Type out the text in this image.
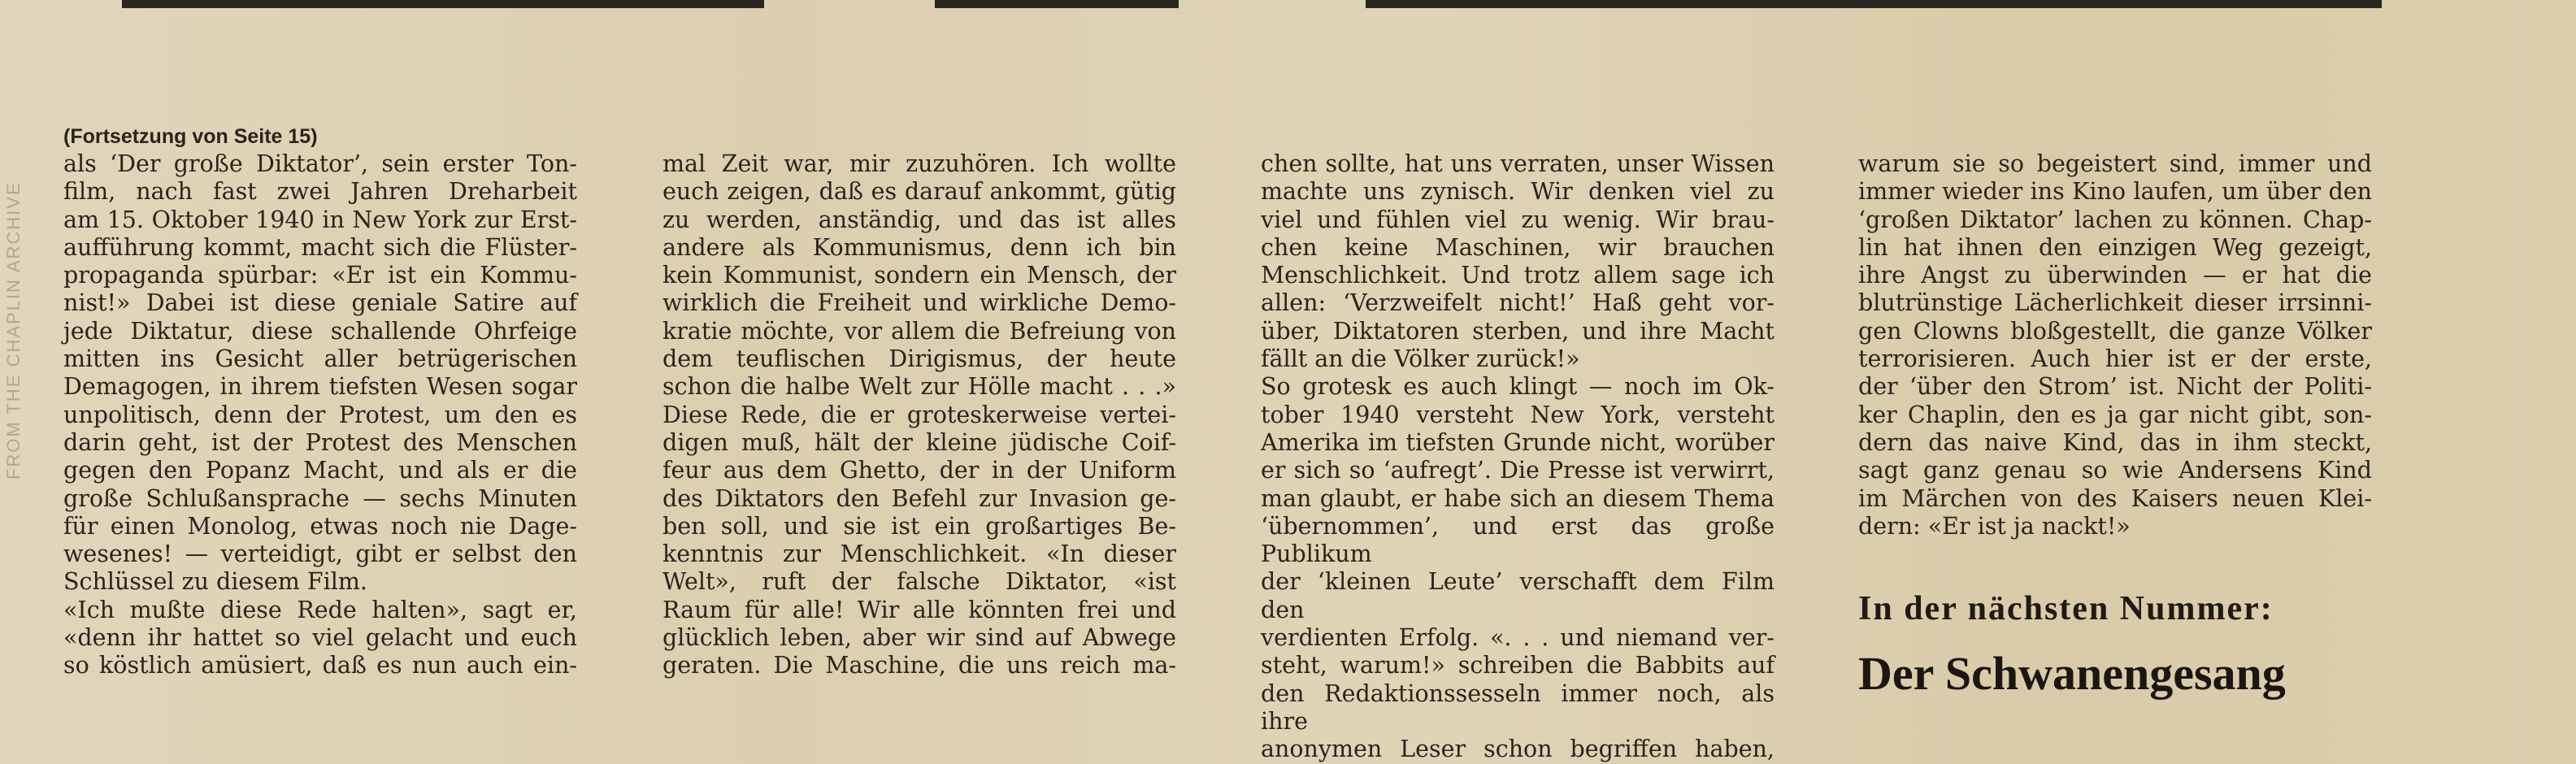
(Fortsetzung von Seite 15)
FROM THE CHAPLIN ARCHIVE

als ‘Der große Diktator’, sein erster Ton-

film, nach fast zwei Jahren Dreharbeit

am 15. Oktober 1940 in New York zur Erst-

aufführung kommt, macht sich die Flüster-

propaganda spürbar: «Er ist ein Kommu-

nist!» Dabei ist diese geniale Satire auf

jede Diktatur, diese schallende Ohrfeige

mitten ins Gesicht aller betrügerischen

Demagogen, in ihrem tiefsten Wesen sogar

unpolitisch, denn der Protest, um den es

darin geht, ist der Protest des Menschen

gegen den Popanz Macht, und als er die

große Schlußansprache — sechs Minuten

für einen Monolog, etwas noch nie Dage-

wesenes! — verteidigt, gibt er selbst den

Schlüssel zu diesem Film.

«Ich mußte diese Rede halten», sagt er,

«denn ihr hattet so viel gelacht und euch

so köstlich amüsiert, daß es nun auch ein-

mal Zeit war, mir zuzuhören. Ich wollte

euch zeigen, daß es darauf ankommt, gütig

zu werden, anständig, und das ist alles

andere als Kommunismus, denn ich bin

kein Kommunist, sondern ein Mensch, der

wirklich die Freiheit und wirkliche Demo-

kratie möchte, vor allem die Befreiung von

dem teuflischen Dirigismus, der heute

schon die halbe Welt zur Hölle macht . . .»

Diese Rede, die er groteskerweise vertei-

digen muß, hält der kleine jüdische Coif-

feur aus dem Ghetto, der in der Uniform

des Diktators den Befehl zur Invasion ge-

ben soll, und sie ist ein großartiges Be-

kenntnis zur Menschlichkeit. «In dieser

Welt», ruft der falsche Diktator, «ist

Raum für alle! Wir alle könnten frei und

glücklich leben, aber wir sind auf Abwege

geraten. Die Maschine, die uns reich ma-

chen sollte, hat uns verraten, unser Wissen

machte uns zynisch. Wir denken viel zu

viel und fühlen viel zu wenig. Wir brau-

chen keine Maschinen, wir brauchen

Menschlichkeit. Und trotz allem sage ich

allen: ‘Verzweifelt nicht!’ Haß geht vor-

über, Diktatoren sterben, und ihre Macht

fällt an die Völker zurück!»

So grotesk es auch klingt — noch im Ok-

tober 1940 versteht New York, versteht

Amerika im tiefsten Grunde nicht, worüber

er sich so ‘aufregt’. Die Presse ist verwirrt,

man glaubt, er habe sich an diesem Thema

‘übernommen’, und erst das große Publikum

der ‘kleinen Leute’ verschafft dem Film den

verdienten Erfolg. «. . . und niemand ver-

steht, warum!» schreiben die Babbits auf

den Redaktionssesseln immer noch, als ihre

anonymen Leser schon begriffen haben,

warum sie so begeistert sind, immer und

immer wieder ins Kino laufen, um über den

‘großen Diktator’ lachen zu können. Chap-

lin hat ihnen den einzigen Weg gezeigt,

ihre Angst zu überwinden — er hat die

blutrünstige Lächerlichkeit dieser irrsinni-

gen Clowns bloßgestellt, die ganze Völker

terrorisieren. Auch hier ist er der erste,

der ‘über den Strom’ ist. Nicht der Politi-

ker Chaplin, den es ja gar nicht gibt, son-

dern das naive Kind, das in ihm steckt,

sagt ganz genau so wie Andersens Kind

im Märchen von des Kaisers neuen Klei-

dern: «Er ist ja nackt!»

In der nächsten Nummer:
Der Schwanengesang
